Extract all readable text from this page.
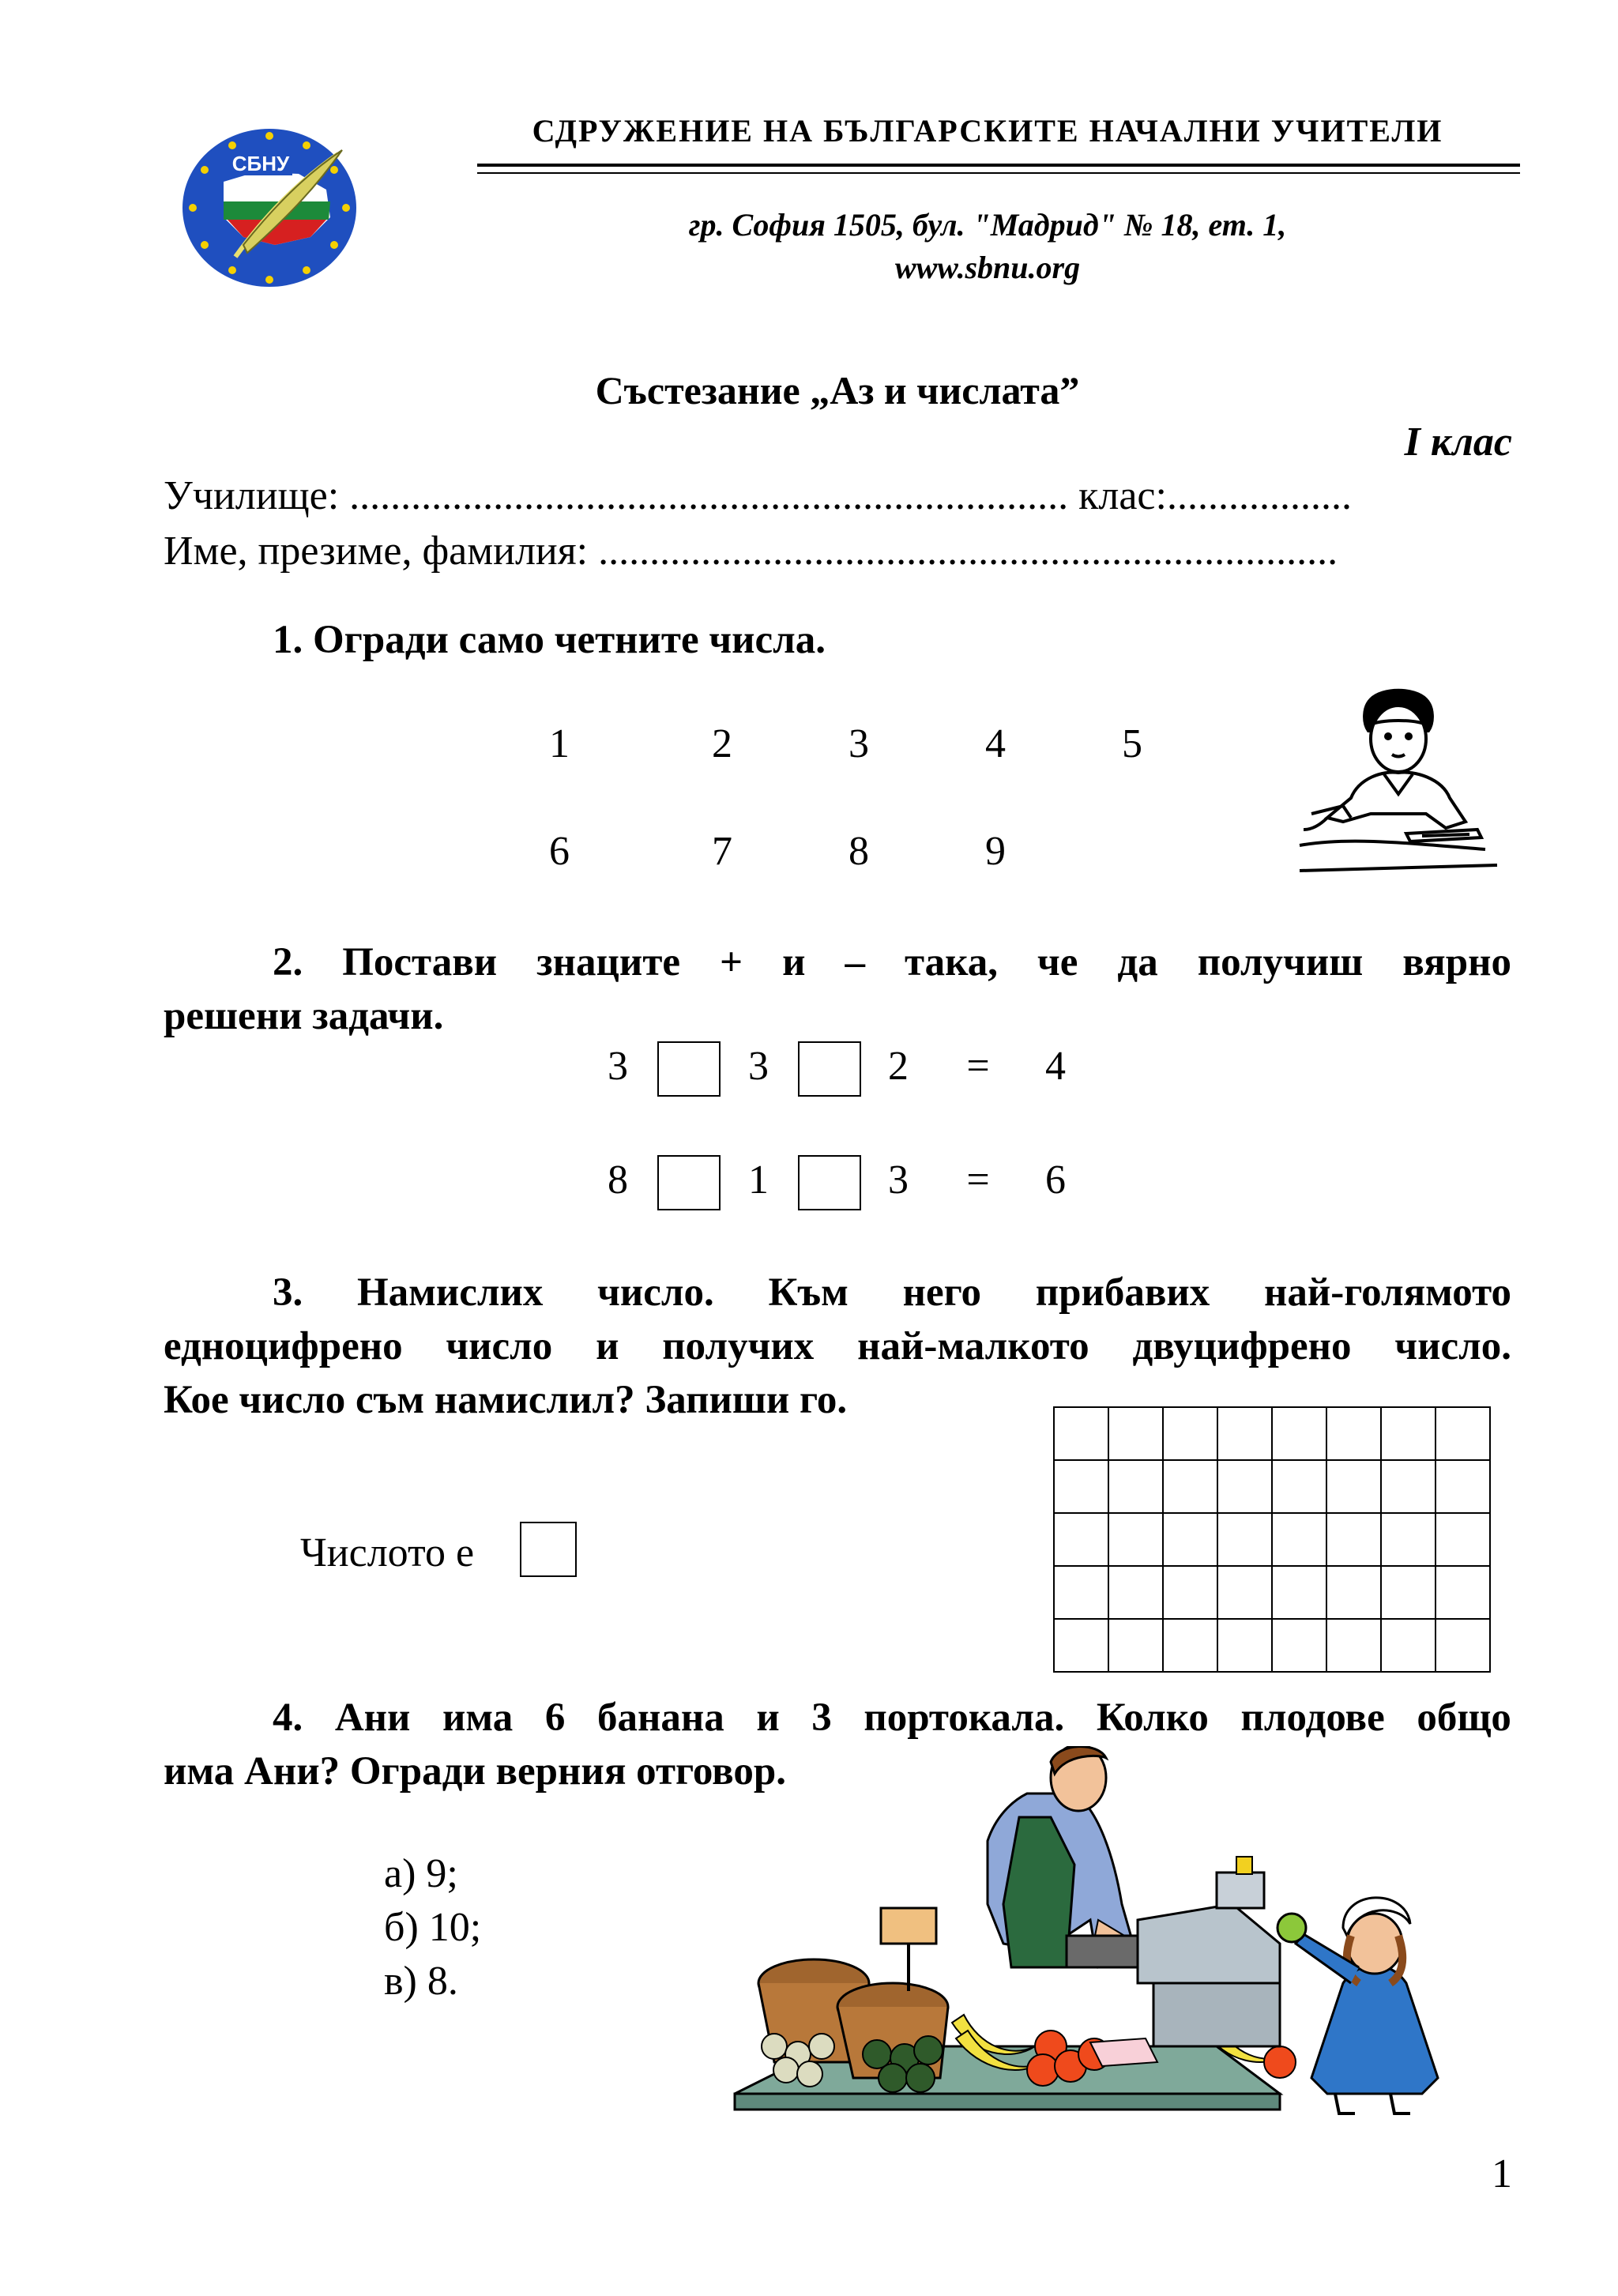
СБНУ
СДРУЖЕНИЕ НА БЪЛГАРСКИТЕ НАЧАЛНИ УЧИТЕЛИ
гр. София 1505, бул. "Мадрид" № 18, ет. 1,
www.sbnu.org
Състезание „Аз и числата”
I клас
Училище: ...................................................................... клас:..................
Име, презиме, фамилия: ........................................................................
1. Огради само четните числа.
1	2	3	4	5
6	7	8	9
2. Постави знаците + и – така, че да получиш вярно
решени задачи.
3	3	2	=	4
8	1	3	=	6
3. Намислих число. Към него прибавих най-голямото
едноцифрено число и получих най-малкото двуцифрено число.
Кое число съм намислил? Запиши го.

Числото е
4. Ани има 6 банана и 3 портокала. Колко плодове общо
има Ани? Огради верния отговор.
а) 9;
б) 10;
в) 8.
1
